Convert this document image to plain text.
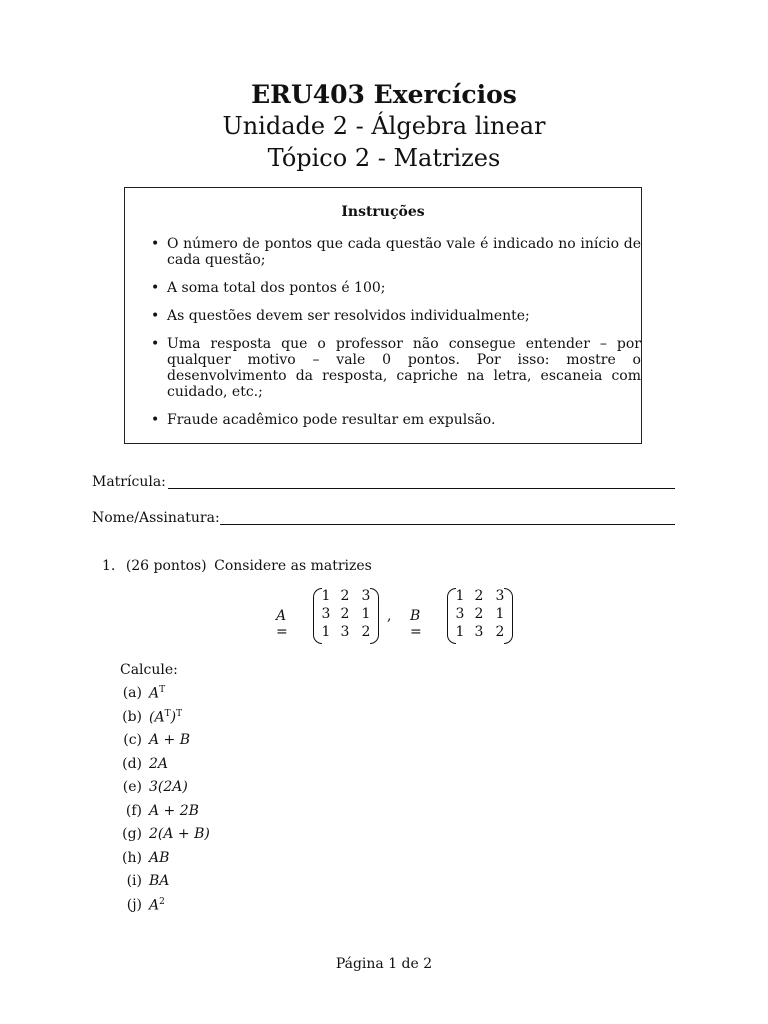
ERU403 Exercícios
Unidade 2 - Álgebra linear
Tópico 2 - Matrizes
Instruções
• O número de pontos que cada questão vale é indicado no início de cada questão;
• A soma total dos pontos é 100;
• As questões devem ser resolvidos individualmente;
• Uma resposta que o professor não consegue entender – por qualquer motivo – vale 0 pontos. Por isso: mostre o desenvolvimento da resposta, capriche na letra, escaneia com cuidado, etc.;
• Fraude acadêmico pode resultar em expulsão.
Matrícula:
Nome/Assinatura:
1. (26 pontos) Considere as matrizes
A =
1 2 3
3 2 1
1 3 2
, B =
1 2 3
3 2 1
1 3 2
Calcule:
(a) $A^T$
(b) $(A^T)^T$
(c) A + B
(d) 2A
(e) 3(2A)
(f) A + 2B
(g) 2(A + B)
(h) AB
(i) BA
(j) $A^2$
Página 1 de 2
